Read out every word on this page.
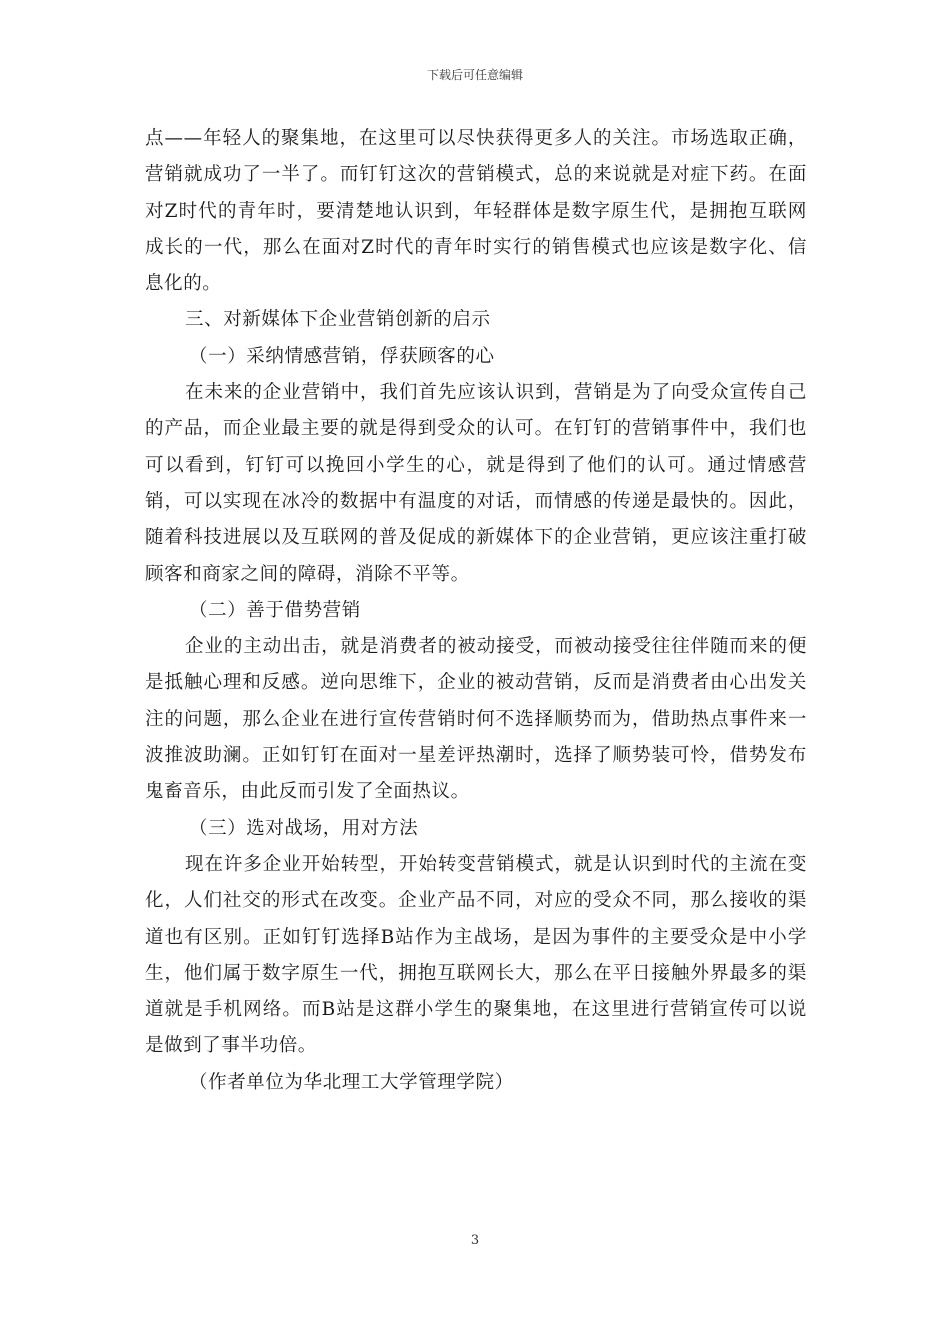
下载后可任意编辑

点——年轻人的聚集地，在这里可以尽快获得更多人的关注。市场选取正确，营销就成功了一半了。而钉钉这次的营销模式，总的来说就是对症下药。在面对Z时代的青年时，要清楚地认识到，年轻群体是数字原生代，是拥抱互联网成长的一代，那么在面对Z时代的青年时实行的销售模式也应该是数字化、信息化的。

三、对新媒体下企业营销创新的启示

（一）采纳情感营销，俘获顾客的心

在未来的企业营销中，我们首先应该认识到，营销是为了向受众宣传自己的产品，而企业最主要的就是得到受众的认可。在钉钉的营销事件中，我们也可以看到，钉钉可以挽回小学生的心，就是得到了他们的认可。通过情感营销，可以实现在冰冷的数据中有温度的对话，而情感的传递是最快的。因此，随着科技进展以及互联网的普及促成的新媒体下的企业营销，更应该注重打破顾客和商家之间的障碍，消除不平等。

（二）善于借势营销

企业的主动出击，就是消费者的被动接受，而被动接受往往伴随而来的便是抵触心理和反感。逆向思维下，企业的被动营销，反而是消费者由心出发关注的问题，那么企业在进行宣传营销时何不选择顺势而为，借助热点事件来一波推波助澜。正如钉钉在面对一星差评热潮时，选择了顺势装可怜，借势发布鬼畜音乐，由此反而引发了全面热议。

（三）选对战场，用对方法

现在许多企业开始转型，开始转变营销模式，就是认识到时代的主流在变化，人们社交的形式在改变。企业产品不同，对应的受众不同，那么接收的渠道也有区别。正如钉钉选择B站作为主战场，是因为事件的主要受众是中小学生，他们属于数字原生一代，拥抱互联网长大，那么在平日接触外界最多的渠道就是手机网络。而B站是这群小学生的聚集地，在这里进行营销宣传可以说是做到了事半功倍。

（作者单位为华北理工大学管理学院）

3
